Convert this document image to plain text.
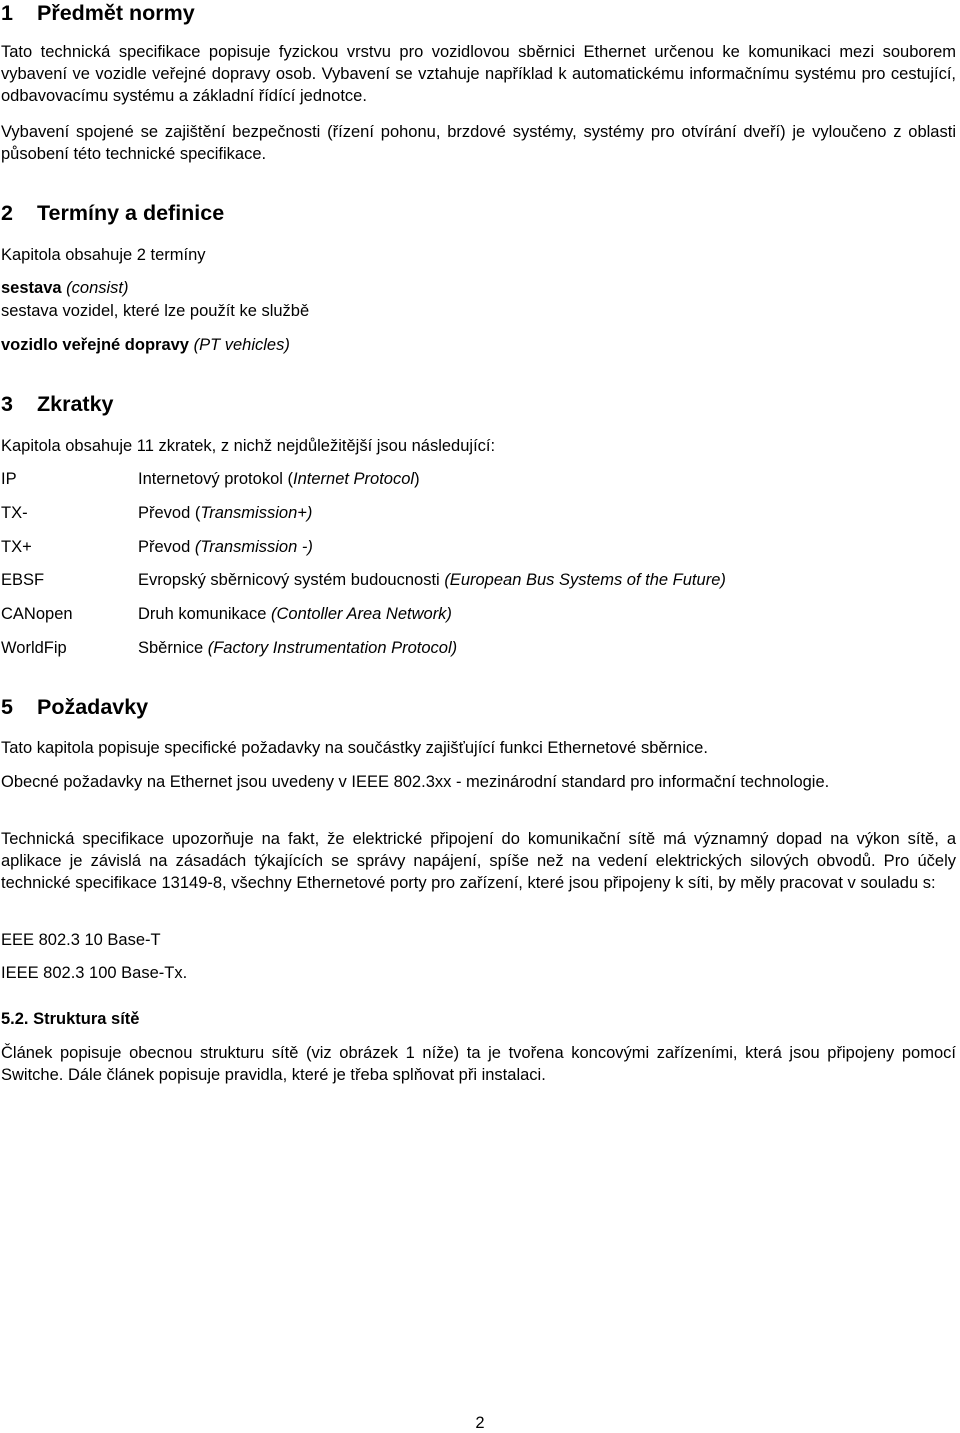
1 Předmět normy

Tato technická specifikace popisuje fyzickou vrstvu pro vozidlovou sběrnici Ethernet určenou ke komunikaci mezi souborem vybavení ve vozidle veřejné dopravy osob. Vybavení se vztahuje například k automatickému informačnímu systému pro cestující, odbavovacímu systému a základní řídící jednotce.

Vybavení spojené se zajištění bezpečnosti (řízení pohonu, brzdové systémy, systémy pro otvírání dveří) je vyloučeno z oblasti působení této technické specifikace.

2 Termíny a definice

Kapitola obsahuje 2 termíny

sestava (consist)

sestava vozidel, které lze použít ke službě

vozidlo veřejné dopravy (PT vehicles)

3 Zkratky

Kapitola obsahuje 11 zkratek, z nichž nejdůležitější jsou následující:

IP	Internetový protokol (Internet Protocol)
TX-	Převod (Transmission+)
TX+	Převod (Transmission -)
EBSF	Evropský sběrnicový systém budoucnosti (European Bus Systems of the Future)
CANopen	Druh komunikace (Contoller Area Network)
WorldFip	Sběrnice (Factory Instrumentation Protocol)
5 Požadavky

Tato kapitola popisuje specifické požadavky na součástky zajišťující funkci Ethernetové sběrnice.

Obecné požadavky na Ethernet jsou uvedeny v IEEE 802.3xx - mezinárodní standard pro informační technologie.

Technická specifikace upozorňuje na fakt, že elektrické připojení do komunikační sítě má významný dopad na výkon sítě, a aplikace je závislá na zásadách týkajících se správy napájení, spíše než na vedení elektrických silových obvodů. Pro účely technické specifikace 13149-8, všechny Ethernetové porty pro zařízení, které jsou připojeny k síti, by měly pracovat v souladu s:

EEE 802.3 10 Base-T

IEEE 802.3 100 Base-Tx.

5.2. Struktura sítě

Článek popisuje obecnou strukturu sítě (viz obrázek 1 níže) ta je tvořena koncovými zařízeními, která jsou připojeny pomocí Switche. Dále článek popisuje pravidla, které je třeba splňovat při instalaci.

2
